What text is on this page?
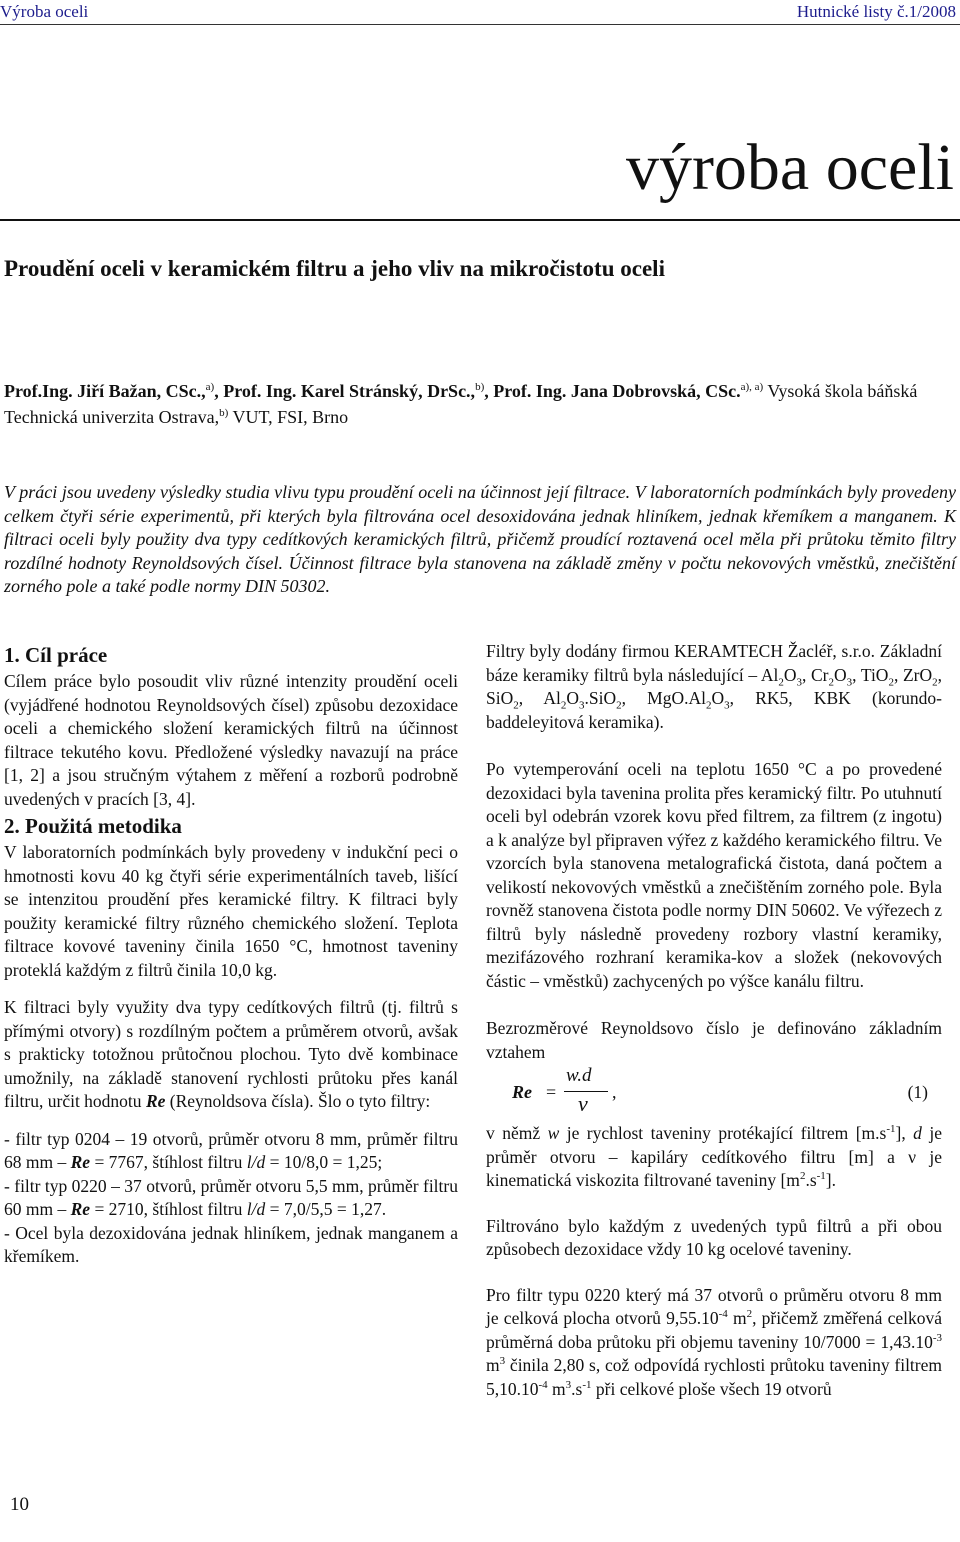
Výroba oceli	Hutnické listy č.1/2008
výroba oceli
Proudění oceli v keramickém filtru a jeho vliv na mikročistotu oceli
Prof.Ing. Jiří Bažan, CSc.,$^{a)}$, Prof. Ing. Karel Stránský, DrSc.,$^{b)}$, Prof. Ing. Jana Dobrovská, CSc.$^{a), a)}$ Vysoká škola báňská Technická univerzita Ostrava,$^{b)}$ VUT, FSI, Brno

V práci jsou uvedeny výsledky studia vlivu typu proudění oceli na účinnost její filtrace. V laboratorních podmínkách byly provedeny celkem čtyři série experimentů, při kterých byla filtrována ocel desoxidována jednak hliníkem, jednak křemíkem a manganem. K filtraci oceli byly použity dva typy cedítkových keramických filtrů, přičemž proudící roztavená ocel měla při průtoku těmito filtry rozdílné hodnoty Reynoldsových čísel. Účinnost filtrace byla stanovena na základě změny v počtu nekovových vměstků, znečištění zorného pole a také podle normy DIN 50302.

1. Cíl práce

Cílem práce bylo posoudit vliv různé intenzity proudění oceli (vyjádřené hodnotou Reynoldsových čísel) způsobu dezoxidace oceli a chemického složení keramických filtrů na účinnost filtrace tekutého kovu. Předložené výsledky navazují na práce [1, 2] a jsou stručným výtahem z měření a rozborů podrobně uvedených v pracích [3, 4].

2. Použitá metodika

V laboratorních podmínkách byly provedeny v indukční peci o hmotnosti kovu 40 kg čtyři série experimentálních taveb, lišící se intenzitou proudění přes keramické filtry. K filtraci byly použity keramické filtry různého chemického složení. Teplota filtrace kovové taveniny činila 1650 °C, hmotnost taveniny proteklá každým z filtrů činila 10,0 kg.

K filtraci byly využity dva typy cedítkových filtrů (tj. filtrů s přímými otvory) s rozdílným počtem a průměrem otvorů, avšak s prakticky totožnou průtočnou plochou. Tyto dvě kombinace umožnily, na základě stanovení rychlosti průtoku přes kanál filtru, určit hodnotu Re (Reynoldsova čísla). Šlo o tyto filtry:

- filtr typ 0204 – 19 otvorů, průměr otvoru 8 mm, průměr filtru 68 mm – Re = 7767, štíhlost filtru l/d = 10/8,0 = 1,25;

- filtr typ 0220 – 37 otvorů, průměr otvoru 5,5 mm, průměr filtru 60 mm – Re = 2710, štíhlost filtru l/d = 7,0/5,5 = 1,27.

- Ocel byla dezoxidována jednak hliníkem, jednak manganem a křemíkem.

Filtry byly dodány firmou KERAMTECH Žacléř, s.r.o. Základní báze keramiky filtrů byla následující – $Al_2O_3$, $Cr_2O_3$, TiO$_2$, ZrO$_2$, SiO$_2$, $Al_2O_3.SiO_2$, $MgO.Al_2O_3$, RK5, KBK (korundo-baddeleyitová keramika).

Po vytemperování oceli na teplotu 1650 °C a po provedené dezoxidaci byla tavenina prolita přes keramický filtr. Po utuhnutí oceli byl odebrán vzorek kovu před filtrem, za filtrem (z ingotu) a k analýze byl připraven výřez z každého keramického filtru. Ve vzorcích byla stanovena metalografická čistota, daná počtem a velikostí nekovových vměstků a znečištěním zorného pole. Byla rovněž stanovena čistota podle normy DIN 50602. Ve výřezech z filtrů byly následně provedeny rozbory vlastní keramiky, mezifázového rozhraní keramika-kov a složek (nekovových částic – vměstků) zachycených po výšce kanálu filtru.

Bezrozměrové Reynoldsovo číslo je definováno základním vztahem

Re =
w.d
ν ,	(1)

v němž w je rychlost taveniny protékající filtrem $[m.s^{-1}]$, d je průměr otvoru – kapiláry cedítkového filtru [m] a ν je kinematická viskozita filtrované taveniny $[m^2.s^{-1}]$.

Filtrováno bylo každým z uvedených typů filtrů a při obou způsobech dezoxidace vždy 10 kg ocelové taveniny.

Pro filtr typu 0220 který má 37 otvorů o průměru otvoru 8 mm je celková plocha otvorů $9,55.10^{-4}$ $m^2$, přičemž změřená celková průměrná doba průtoku při objemu taveniny $10/7000 = 1,43.10^{-3}$ $m^3$ činila 2,80 s, což odpovídá rychlosti průtoku taveniny filtrem $5,10.10^{-4}$ $m^3.s^{-1}$ při celkové ploše všech 19 otvorů

10
